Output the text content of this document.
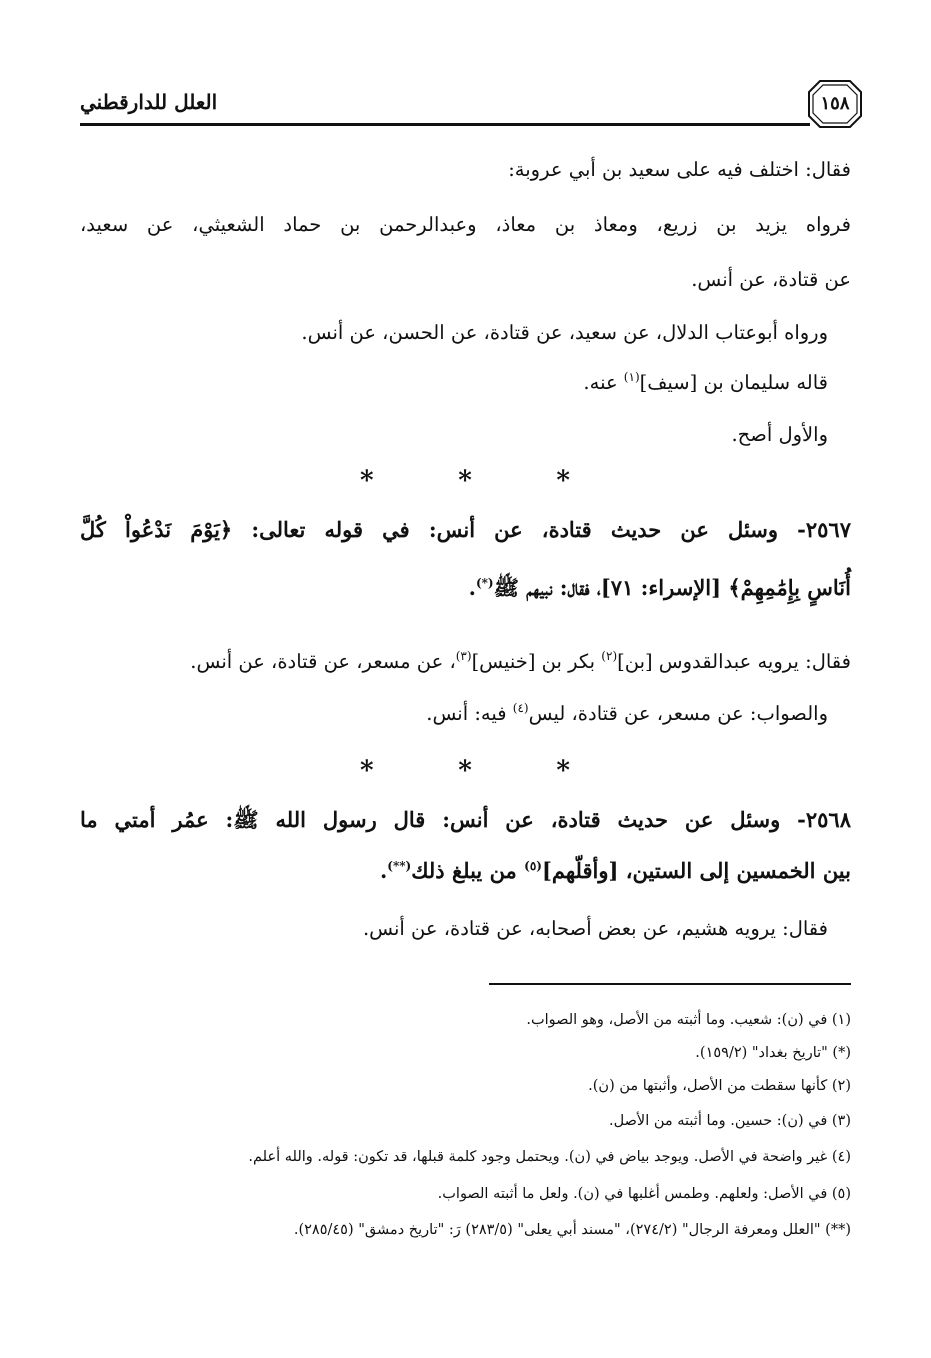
العلل للدارقطني	١٥٨
فقال: اختلف فيه على سعيد بن أبي عروبة:
فرواه يزيد بن زريع، ومعاذ بن معاذ، وعبدالرحمن بن حماد الشعيثي، عن سعيد،
عن قتادة، عن أنس.
ورواه أبوعتاب الدلال، عن سعيد، عن قتادة، عن الحسن، عن أنس.
قاله سليمان بن [سيف]$^{(١)}$ عنه.
والأول أصح.
*	*	*
٢٥٦٧- وسئل عن حديث قتادة، عن أنس: في قوله تعالى: ﴿يَوْمَ نَدْعُواْ كُلَّ
أُنَاسٍ بِإِمَٰمِهِمْ﴾ [الإسراء: ٧١]، فقال: نبيهم ﷺ(*).
فقال: يرويه عبدالقدوس [بن]$^{(٢)}$ بكر بن [خنيس]$^{(٣)}$، عن مسعر، عن قتادة، عن أنس.
والصواب: عن مسعر، عن قتادة، ليس$^{(٤)}$ فيه: أنس.
*	*	*
٢٥٦٨- وسئل عن حديث قتادة، عن أنس: قال رسول الله ﷺ: عمُر أمتي ما
بين الخمسين إلى الستين، [وأقلّهم]$^{(٥)}$ من يبلغ ذلك(**).
فقال: يرويه هشيم، عن بعض أصحابه، عن قتادة، عن أنس.
(١) في (ن): شعيب. وما أثبته من الأصل، وهو الصواب.
(*) "تاريخ بغداد" (١٥٩/٢).
(٢) كأنها سقطت من الأصل، وأثبتها من (ن).
(٣) في (ن): حسين. وما أثبته من الأصل.
(٤) غير واضحة في الأصل. ويوجد بياض في (ن). ويحتمل وجود كلمة قبلها، قد تكون: قوله. والله أعلم.
(٥) في الأصل: ولعلهم. وطمس أغلبها في (ن). ولعل ما أثبته الصواب.
(**) "العلل ومعرفة الرجال" (٢٧٤/٢)، "مسند أبي يعلى" (٢٨٣/٥) رَ: "تاريخ دمشق" (٢٨٥/٤٥).
